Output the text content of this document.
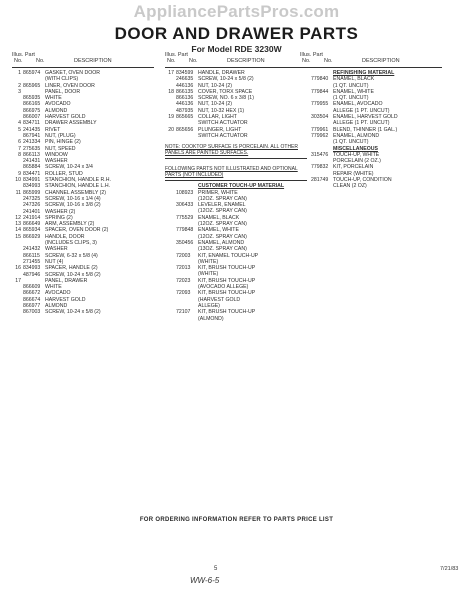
AppliancePartsPros.com
DOOR AND DRAWER PARTS
For Model RDE 3230W
Illus. Part
No. No.	DESCRIPTION
1 865974 GASKET, OVEN DOOR
(WITH CLIPS)
2 865965 LINER, OVEN DOOR
3	PANEL, DOOR
865935 WHITE
866165 AVOCADO
866975 ALMOND
866007 HARVEST GOLD
4 834711 DRAWER ASSEMBLY
5 241435 RIVET
867941 NUT, (PLUG)
6 241334 PIN, HINGE (2)
7 275635 NUT, SPEED
8 866113 WINDOW
241431 WASHER
865884 SCREW, 10-24 x 3/4
9 834471 ROLLER, STUD
10 834991 STANCHION, HANDLE R.H.
834993 STANCHION, HANDLE L.H.
11 865999 CHANNEL ASSEMBLY (2)
247325 SCREW, 10-16 x 1/4 (4)
247326 SCREW, 10-16 x 3/8 (2)
241401 WASHER (2)
12 241914 SPRING (2)
13 866649 ARM, ASSEMBLY (2)
14 865934 SPACER, OVEN DOOR (2)
15 866929 HANDLE, DOOR
(INCLUDES CLIPS, 3)
241432 WASHER
866115 SCREW, 6-32 x 5/8 (4)
271455 NUT (4)
16 834993 SPACER, HANDLE (2)
487946 SCREW, 10-24 x 5/8 (2)
17	PANEL, DRAWER
866609 WHITE
866672 AVOCADO
866674 HARVEST GOLD
866977 ALMOND
867003 SCREW, 10-24 x 5/8 (2)
Illus. Part
No. No.	DESCRIPTION
17 834599 HANDLE, DRAWER
246635 SCREW, 10-24 x 5/8 (2)
446136 NUT, 10-24 (2)
18 866135 COVER, TORX SPACE
866136 SCREW, NO. 6 x 3/8 (1)
446136 NUT, 10-24 (2)
487935 NUT, 10-32 HEX (1)
19 865665 COLLAR, LIGHT
SWITCH ACTUATOR
20 865656 PLUNGER, LIGHT
SWITCH ACTUATOR
NOTE: COOKTOP SURFACE IS PORCELAIN. ALL OTHER PANELS ARE PAINTED SURFACES.
FOLLOWING PARTS NOT ILLUSTRATED AND OPTIONAL PARTS (NOT INCLUDED)
CUSTOMER TOUCH-UP MATERIAL
108923 PRIMER, WHITE
(12OZ. SPRAY CAN)
306433 LEVELER, ENAMEL
(12OZ. SPRAY CAN)
775529 ENAMEL, BLACK
(12OZ. SPRAY CAN)
779848 ENAMEL, WHITE
(12OZ. SPRAY CAN)
350456 ENAMEL, ALMOND
(13OZ. SPRAY CAN)
72003	KIT, ENAMEL TOUCH-UP
(WHITE)
72013	KIT, BRUSH TOUCH-UP
(WHITE)
72023	KIT, BRUSH TOUCH-UP
(AVOCADO ALLEGE)
72093	KIT, BRUSH TOUCH-UP
(HARVEST GOLD
ALLEGE)
72107	KIT, BRUSH TOUCH-UP
(ALMOND)
Illus. Part
No. No.	DESCRIPTION
REFINISHING MATERIAL
779840 ENAMEL, BLACK
(1 QT. UNCUT)
779844 ENAMEL, WHITE
(1 QT. UNCUT)
779955 ENAMEL, AVOCADO
ALLEGE (1 PT. UNCUT)
303504 ENAMEL, HARVEST GOLD
ALLEGE (1 PT. UNCUT)
779961 BLEND, THINNER (1 GAL.)
779962 ENAMEL, ALMOND
(1 QT. UNCUT)
MISCELLANEOUS
315476 TOUCH-UP, WHITE
PORCELAIN (2 OZ.)
779832 KIT, PORCELAIN
REPAIR (WHITE)
281749 TOUCH-UP, CONDITION
CLEAN (2 OZ)
FOR ORDERING INFORMATION REFER TO PARTS PRICE LIST
5	7/21/83
WW-6-5
